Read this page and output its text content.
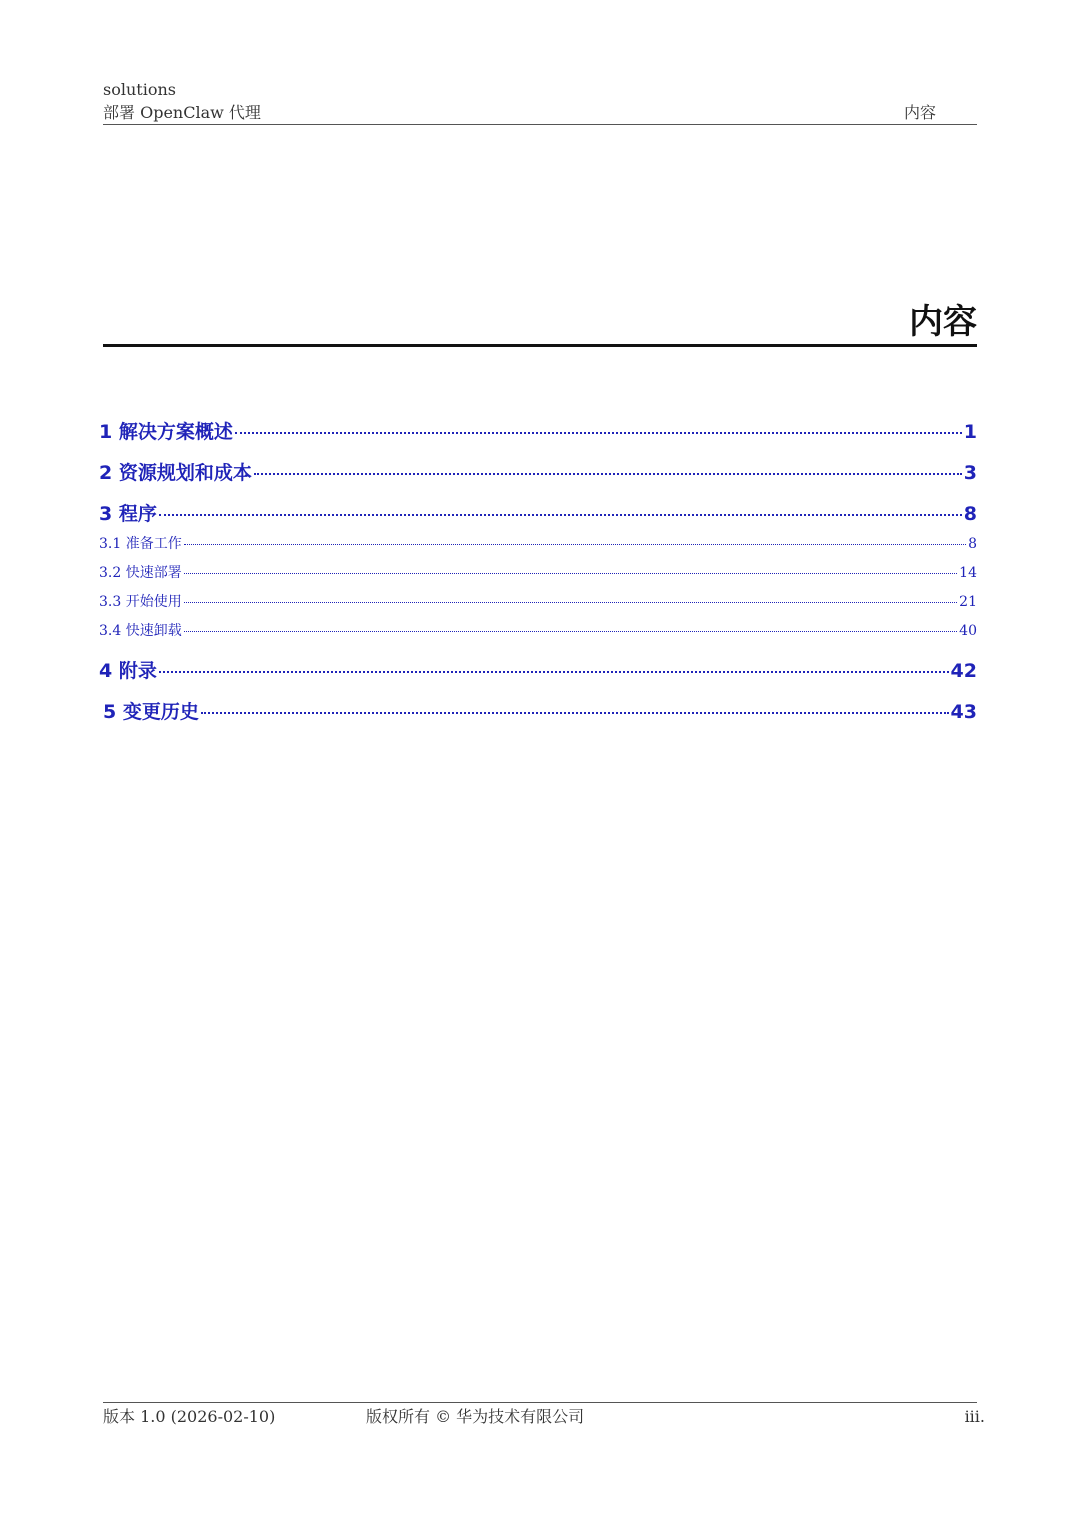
solutions
部署 OpenClaw 代理	内容
内容
1 解决方案概述	1
2 资源规划和成本	3
3 程序	8
3.1 准备工作	8
3.2 快速部署	14
3.3 开始使用	21
3.4 快速卸载	40
4 附录	42
5 变更历史	43
版本 1.0 (2026-02-10)	版权所有 © 华为技术有限公司	iii.
